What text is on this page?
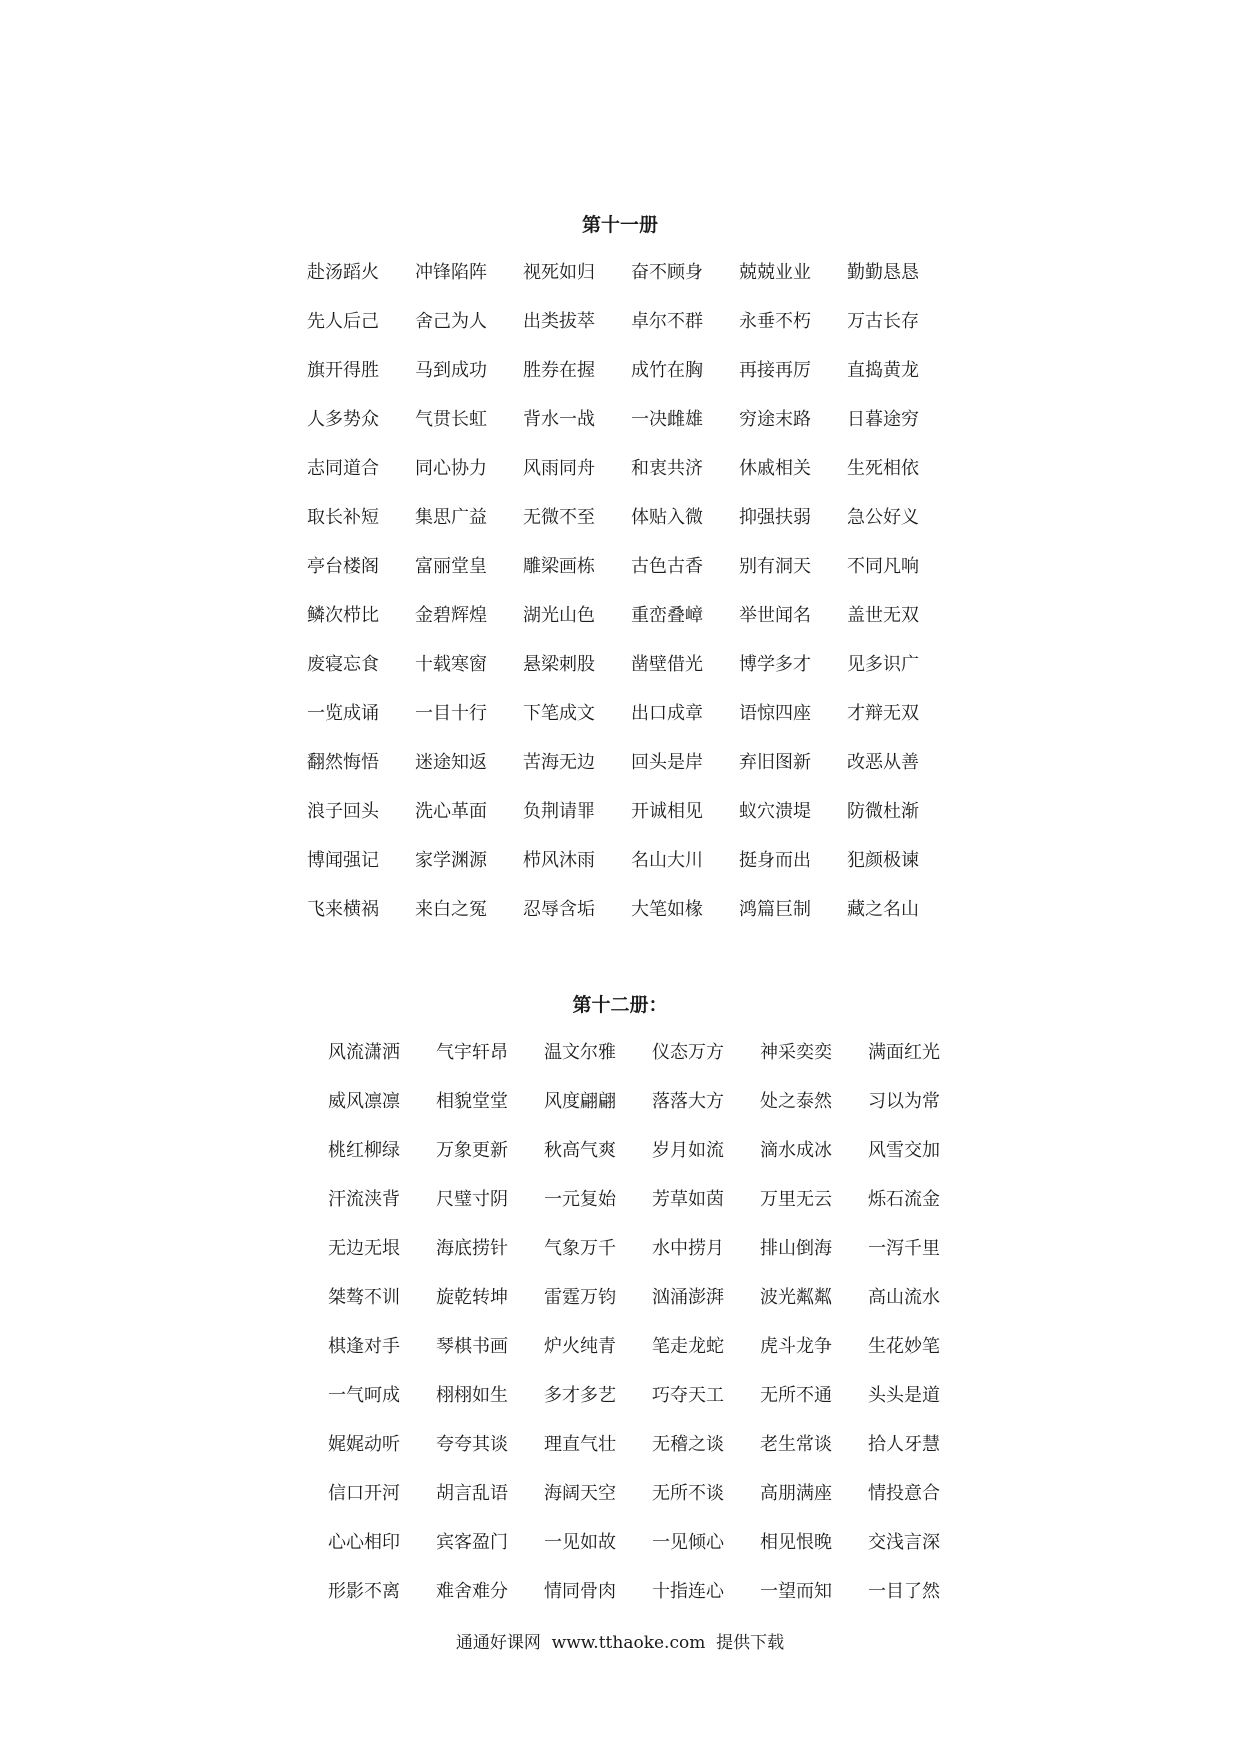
第十一册
赴汤蹈火	冲锋陷阵	视死如归	奋不顾身	兢兢业业	勤勤恳恳
先人后己	舍己为人	出类拔萃	卓尔不群	永垂不朽	万古长存
旗开得胜	马到成功	胜券在握	成竹在胸	再接再厉	直捣黄龙
人多势众	气贯长虹	背水一战	一决雌雄	穷途末路	日暮途穷
志同道合	同心协力	风雨同舟	和衷共济	休戚相关	生死相依
取长补短	集思广益	无微不至	体贴入微	抑强扶弱	急公好义
亭台楼阁	富丽堂皇	雕梁画栋	古色古香	别有洞天	不同凡响
鳞次栉比	金碧辉煌	湖光山色	重峦叠嶂	举世闻名	盖世无双
废寝忘食	十载寒窗	悬梁刺股	凿壁借光	博学多才	见多识广
一览成诵	一目十行	下笔成文	出口成章	语惊四座	才辩无双
翻然悔悟	迷途知返	苦海无边	回头是岸	弃旧图新	改恶从善
浪子回头	洗心革面	负荆请罪	开诚相见	蚁穴溃堤	防微杜渐
博闻强记	家学渊源	栉风沐雨	名山大川	挺身而出	犯颜极谏
飞来横祸	来白之冤	忍辱含垢	大笔如椽	鸿篇巨制	藏之名山
第十二册：
风流潇洒	气宇轩昂	温文尔雅	仪态万方	神采奕奕	满面红光
威风凛凛	相貌堂堂	风度翩翩	落落大方	处之泰然	习以为常
桃红柳绿	万象更新	秋高气爽	岁月如流	滴水成冰	风雪交加
汗流浃背	尺璧寸阴	一元复始	芳草如茵	万里无云	烁石流金
无边无垠	海底捞针	气象万千	水中捞月	排山倒海	一泻千里
桀骜不训	旋乾转坤	雷霆万钧	汹涌澎湃	波光粼粼	高山流水
棋逢对手	琴棋书画	炉火纯青	笔走龙蛇	虎斗龙争	生花妙笔
一气呵成	栩栩如生	多才多艺	巧夺天工	无所不通	头头是道
娓娓动听	夸夸其谈	理直气壮	无稽之谈	老生常谈	拾人牙慧
信口开河	胡言乱语	海阔天空	无所不谈	高朋满座	情投意合
心心相印	宾客盈门	一见如故	一见倾心	相见恨晚	交浅言深
形影不离	难舍难分	情同骨肉	十指连心	一望而知	一目了然
通通好课网  www.tthaoke.com  提供下载
